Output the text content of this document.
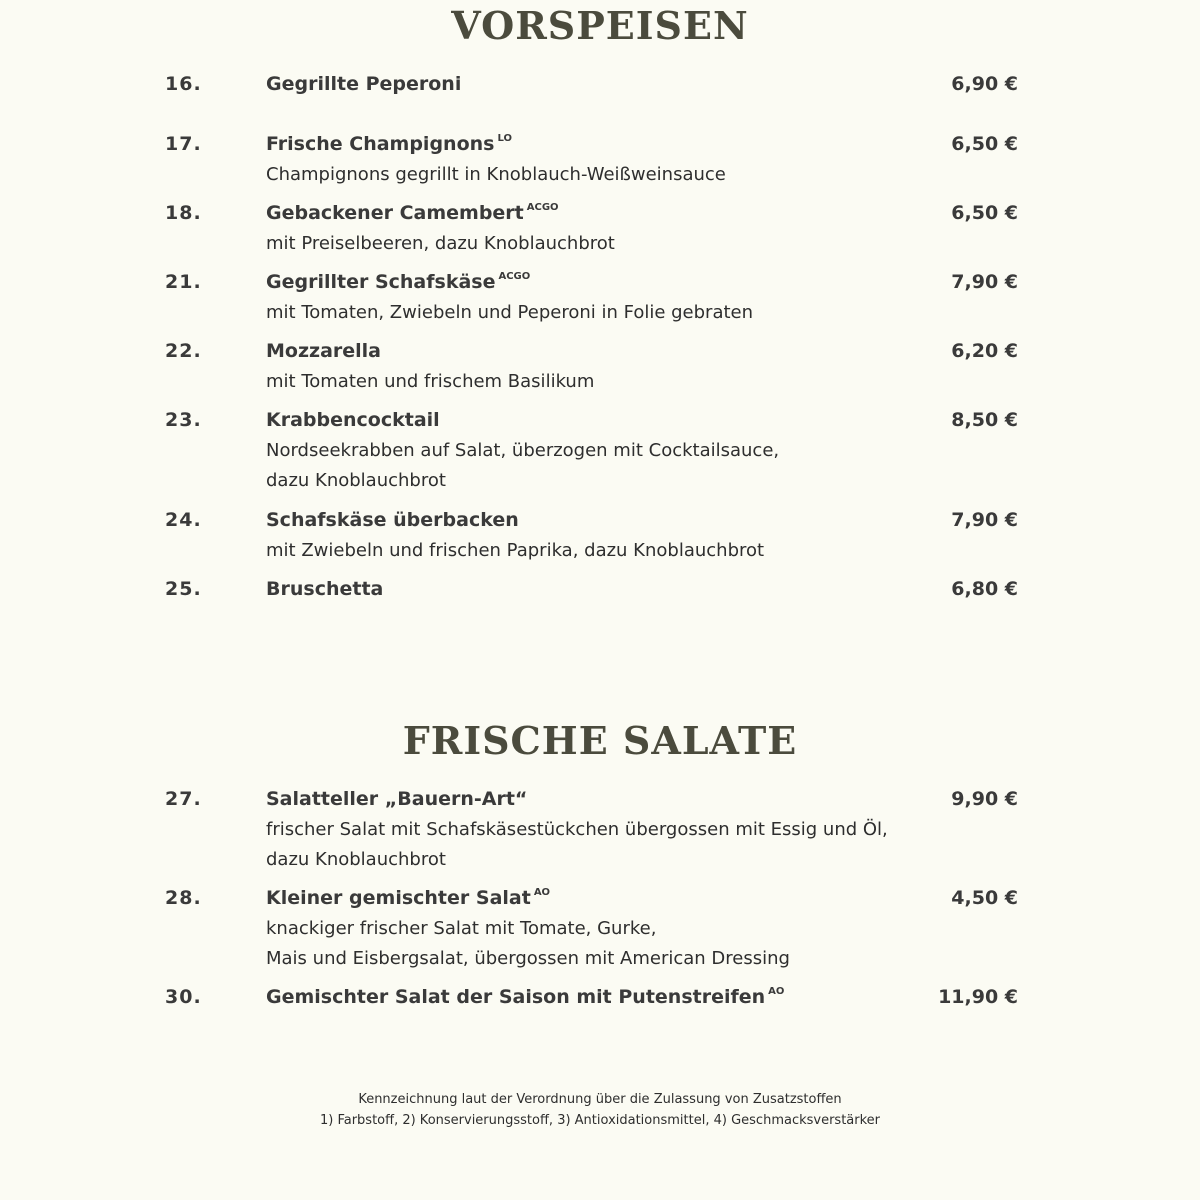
VORSPEISEN
16.	Gegrillte Peperoni	6,90 €
17.	Frische Champignons $^{LO}$	6,50 €
Champignons gegrillt in Knoblauch-Weißweinsauce
18.	Gebackener Camembert $^{ACGO}$	6,50 €
mit Preiselbeeren, dazu Knoblauchbrot
21.	Gegrillter Schafskäse $^{ACGO}$	7,90 €
mit Tomaten, Zwiebeln und Peperoni in Folie gebraten
22.	Mozzarella	6,20 €
mit Tomaten und frischem Basilikum
23.	Krabbencocktail	8,50 €
Nordseekrabben auf Salat, überzogen mit Cocktailsauce,
dazu Knoblauchbrot
24.	Schafskäse überbacken	7,90 €
mit Zwiebeln und frischen Paprika, dazu Knoblauchbrot
25.	Bruschetta	6,80 €
FRISCHE SALATE
27.	Salatteller „Bauern-Art“	9,90 €
frischer Salat mit Schafskäsestückchen übergossen mit Essig und Öl,
dazu Knoblauchbrot
28.	Kleiner gemischter Salat $^{AO}$	4,50 €
knackiger frischer Salat mit Tomate, Gurke,
Mais und Eisbergsalat, übergossen mit American Dressing
30.	Gemischter Salat der Saison mit Putenstreifen $^{AO}$	11,90 €
Kennzeichnung laut der Verordnung über die Zulassung von Zusatzstoffen
1) Farbstoff, 2) Konservierungsstoff, 3) Antioxidationsmittel, 4) Geschmacksverstärker
